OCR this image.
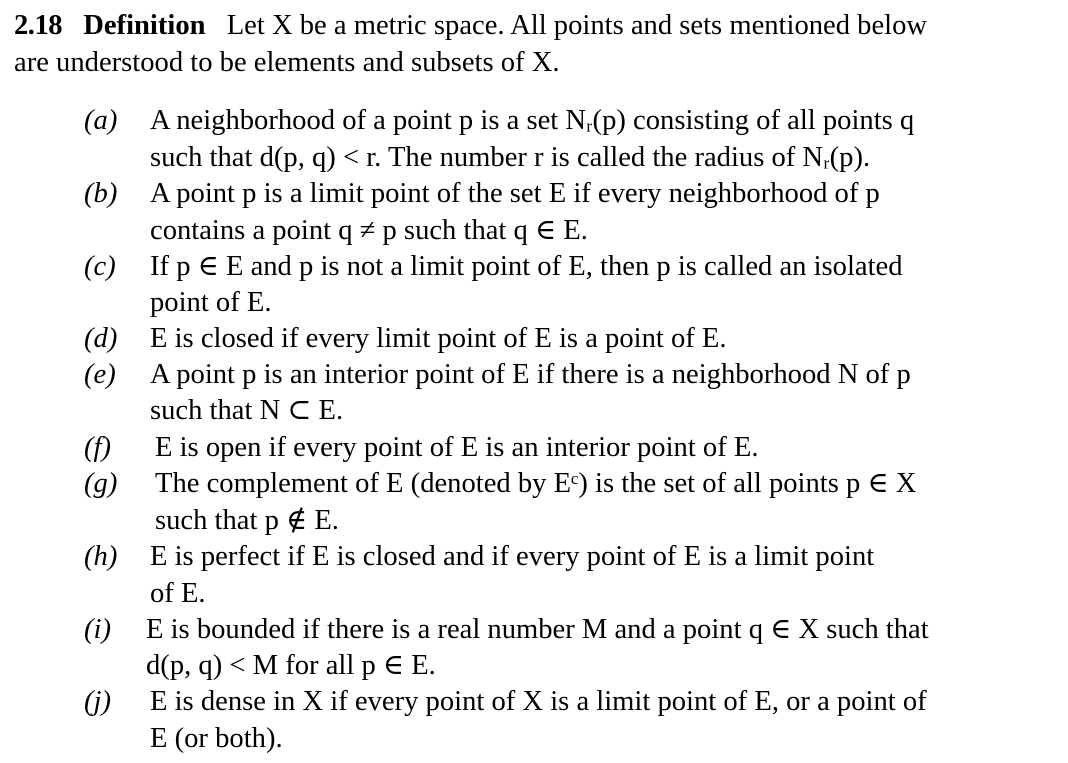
2.18 Definition Let X be a metric space. All points and sets mentioned below
are understood to be elements and subsets of X.
(a) A neighborhood of a point p is a set Nᵣ(p) consisting of all points q
such that d(p, q) < r. The number r is called the radius of Nᵣ(p).
(b) A point p is a limit point of the set E if every neighborhood of p
contains a point q ≠ p such that q ∈ E.
(c) If p ∈ E and p is not a limit point of E, then p is called an isolated
point of E.
(d) E is closed if every limit point of E is a point of E.
(e) A point p is an interior point of E if there is a neighborhood N of p
such that N ⊂ E.
(f) E is open if every point of E is an interior point of E.
(g) The complement of E (denoted by Eᶜ) is the set of all points p ∈ X
such that p ∉ E.
(h) E is perfect if E is closed and if every point of E is a limit point
of E.
(i) E is bounded if there is a real number M and a point q ∈ X such that
d(p, q) < M for all p ∈ E.
(j) E is dense in X if every point of X is a limit point of E, or a point of
E (or both).
